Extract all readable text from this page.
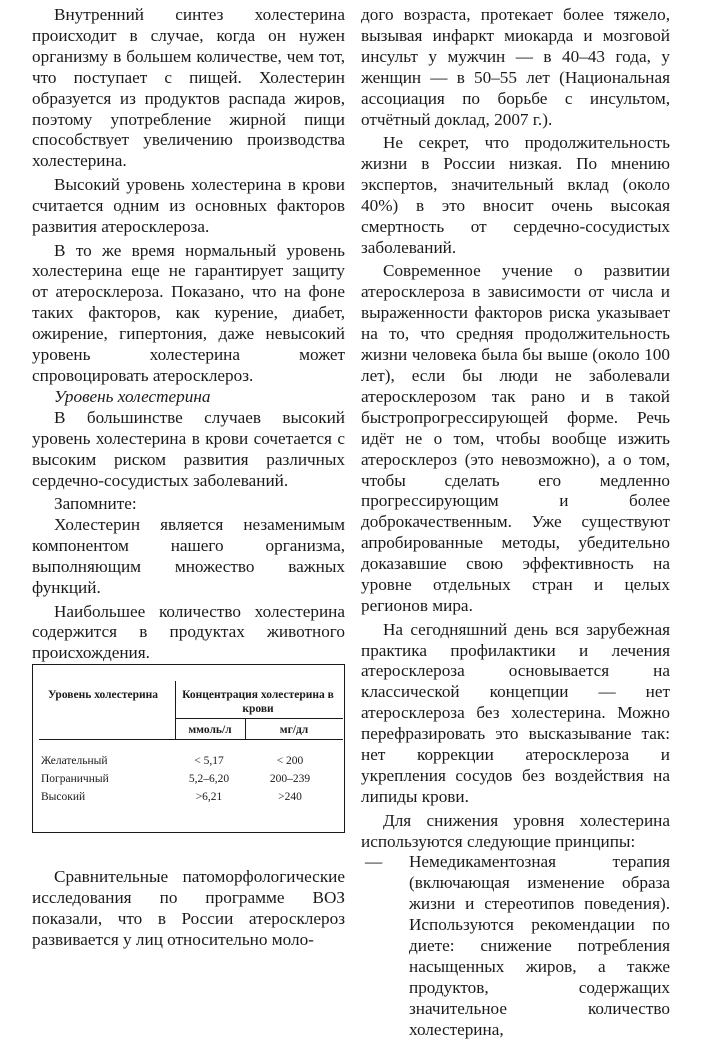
Внутренний синтез холестерина происходит в случае, когда он нужен организму в большем количестве, чем тот, что поступает с пищей. Холестерин образуется из продуктов распада жиров, поэтому употребление жирной пищи способствует увеличению производства холестерина.

Высокий уровень холестерина в крови считается одним из основных факторов развития атеросклероза.

В то же время нормальный уровень холестерина еще не гарантирует защиту от атеросклероза. Показано, что на фоне таких факторов, как курение, диабет, ожирение, гипертония, даже невысокий уровень холестерина может спровоцировать атеросклероз.

Уровень холестерина

В большинстве случаев высокий уровень холестерина в крови сочетается с высоким риском развития различных сердечно-сосудистых заболеваний.

Запомните:

Холестерин является незаменимым компонентом нашего организма, выполняющим множество важных функций.

Наибольшее количество холестерина содержится в продуктах животного происхождения.

Уровень холестерина	Концентрация холестерина в крови
ммоль/л	мг/дл
Желательный	< 5,17	< 200
Пограничный	5,2–6,20	200–239
Высокий	>6,21	>240

Сравнительные патоморфологические исследования по программе ВОЗ показали, что в России атеросклероз развивается у лиц относительно моло-

дого возраста, протекает более тяжело, вызывая инфаркт миокарда и мозговой инсульт у мужчин — в 40–43 года, у женщин — в 50–55 лет (Национальная ассоциация по борьбе с инсультом, отчётный доклад, 2007 г.).

Не секрет, что продолжительность жизни в России низкая. По мнению экспертов, значительный вклад (около 40%) в это вносит очень высокая смертность от сердечно-сосудистых заболеваний.

Современное учение о развитии атеросклероза в зависимости от числа и выраженности факторов риска указывает на то, что средняя продолжительность жизни человека была бы выше (около 100 лет), если бы люди не заболевали атеросклерозом так рано и в такой быстропрогрессирующей форме. Речь идёт не о том, чтобы вообще изжить атеросклероз (это невозможно), а о том, чтобы сделать его медленно прогрессирующим и более доброкачественным. Уже существуют апробированные методы, убедительно доказавшие свою эффективность на уровне отдельных стран и целых регионов мира.

На сегодняшний день вся зарубежная практика профилактики и лечения атеросклероза основывается на классической концепции — нет атеросклероза без холестерина. Можно перефразировать это высказывание так: нет коррекции атеросклероза и укрепления сосудов без воздействия на липиды крови.

Для снижения уровня холестерина используются следующие принципы:

— Немедикаментозная терапия (включающая изменение образа жизни и стереотипов поведения). Используются рекомендации по диете: снижение потребления насыщенных жиров, а также продуктов, содержащих значительное количество холестерина,
